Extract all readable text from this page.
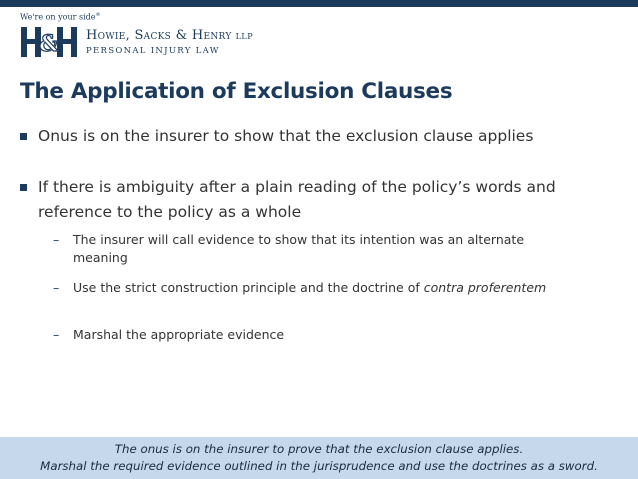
We're on your side®
& Howie, Sacks & Henry LLP
PERSONAL INJURY LAW
The Application of Exclusion Clauses
Onus is on the insurer to show that the exclusion clause applies
If there is ambiguity after a plain reading of the policy’s words and reference to the policy as a whole
– The insurer will call evidence to show that its intention was an alternate meaning
– Use the strict construction principle and the doctrine of contra proferentem
– Marshal the appropriate evidence
The onus is on the insurer to prove that the exclusion clause applies.
Marshal the required evidence outlined in the jurisprudence and use the doctrines as a sword.
